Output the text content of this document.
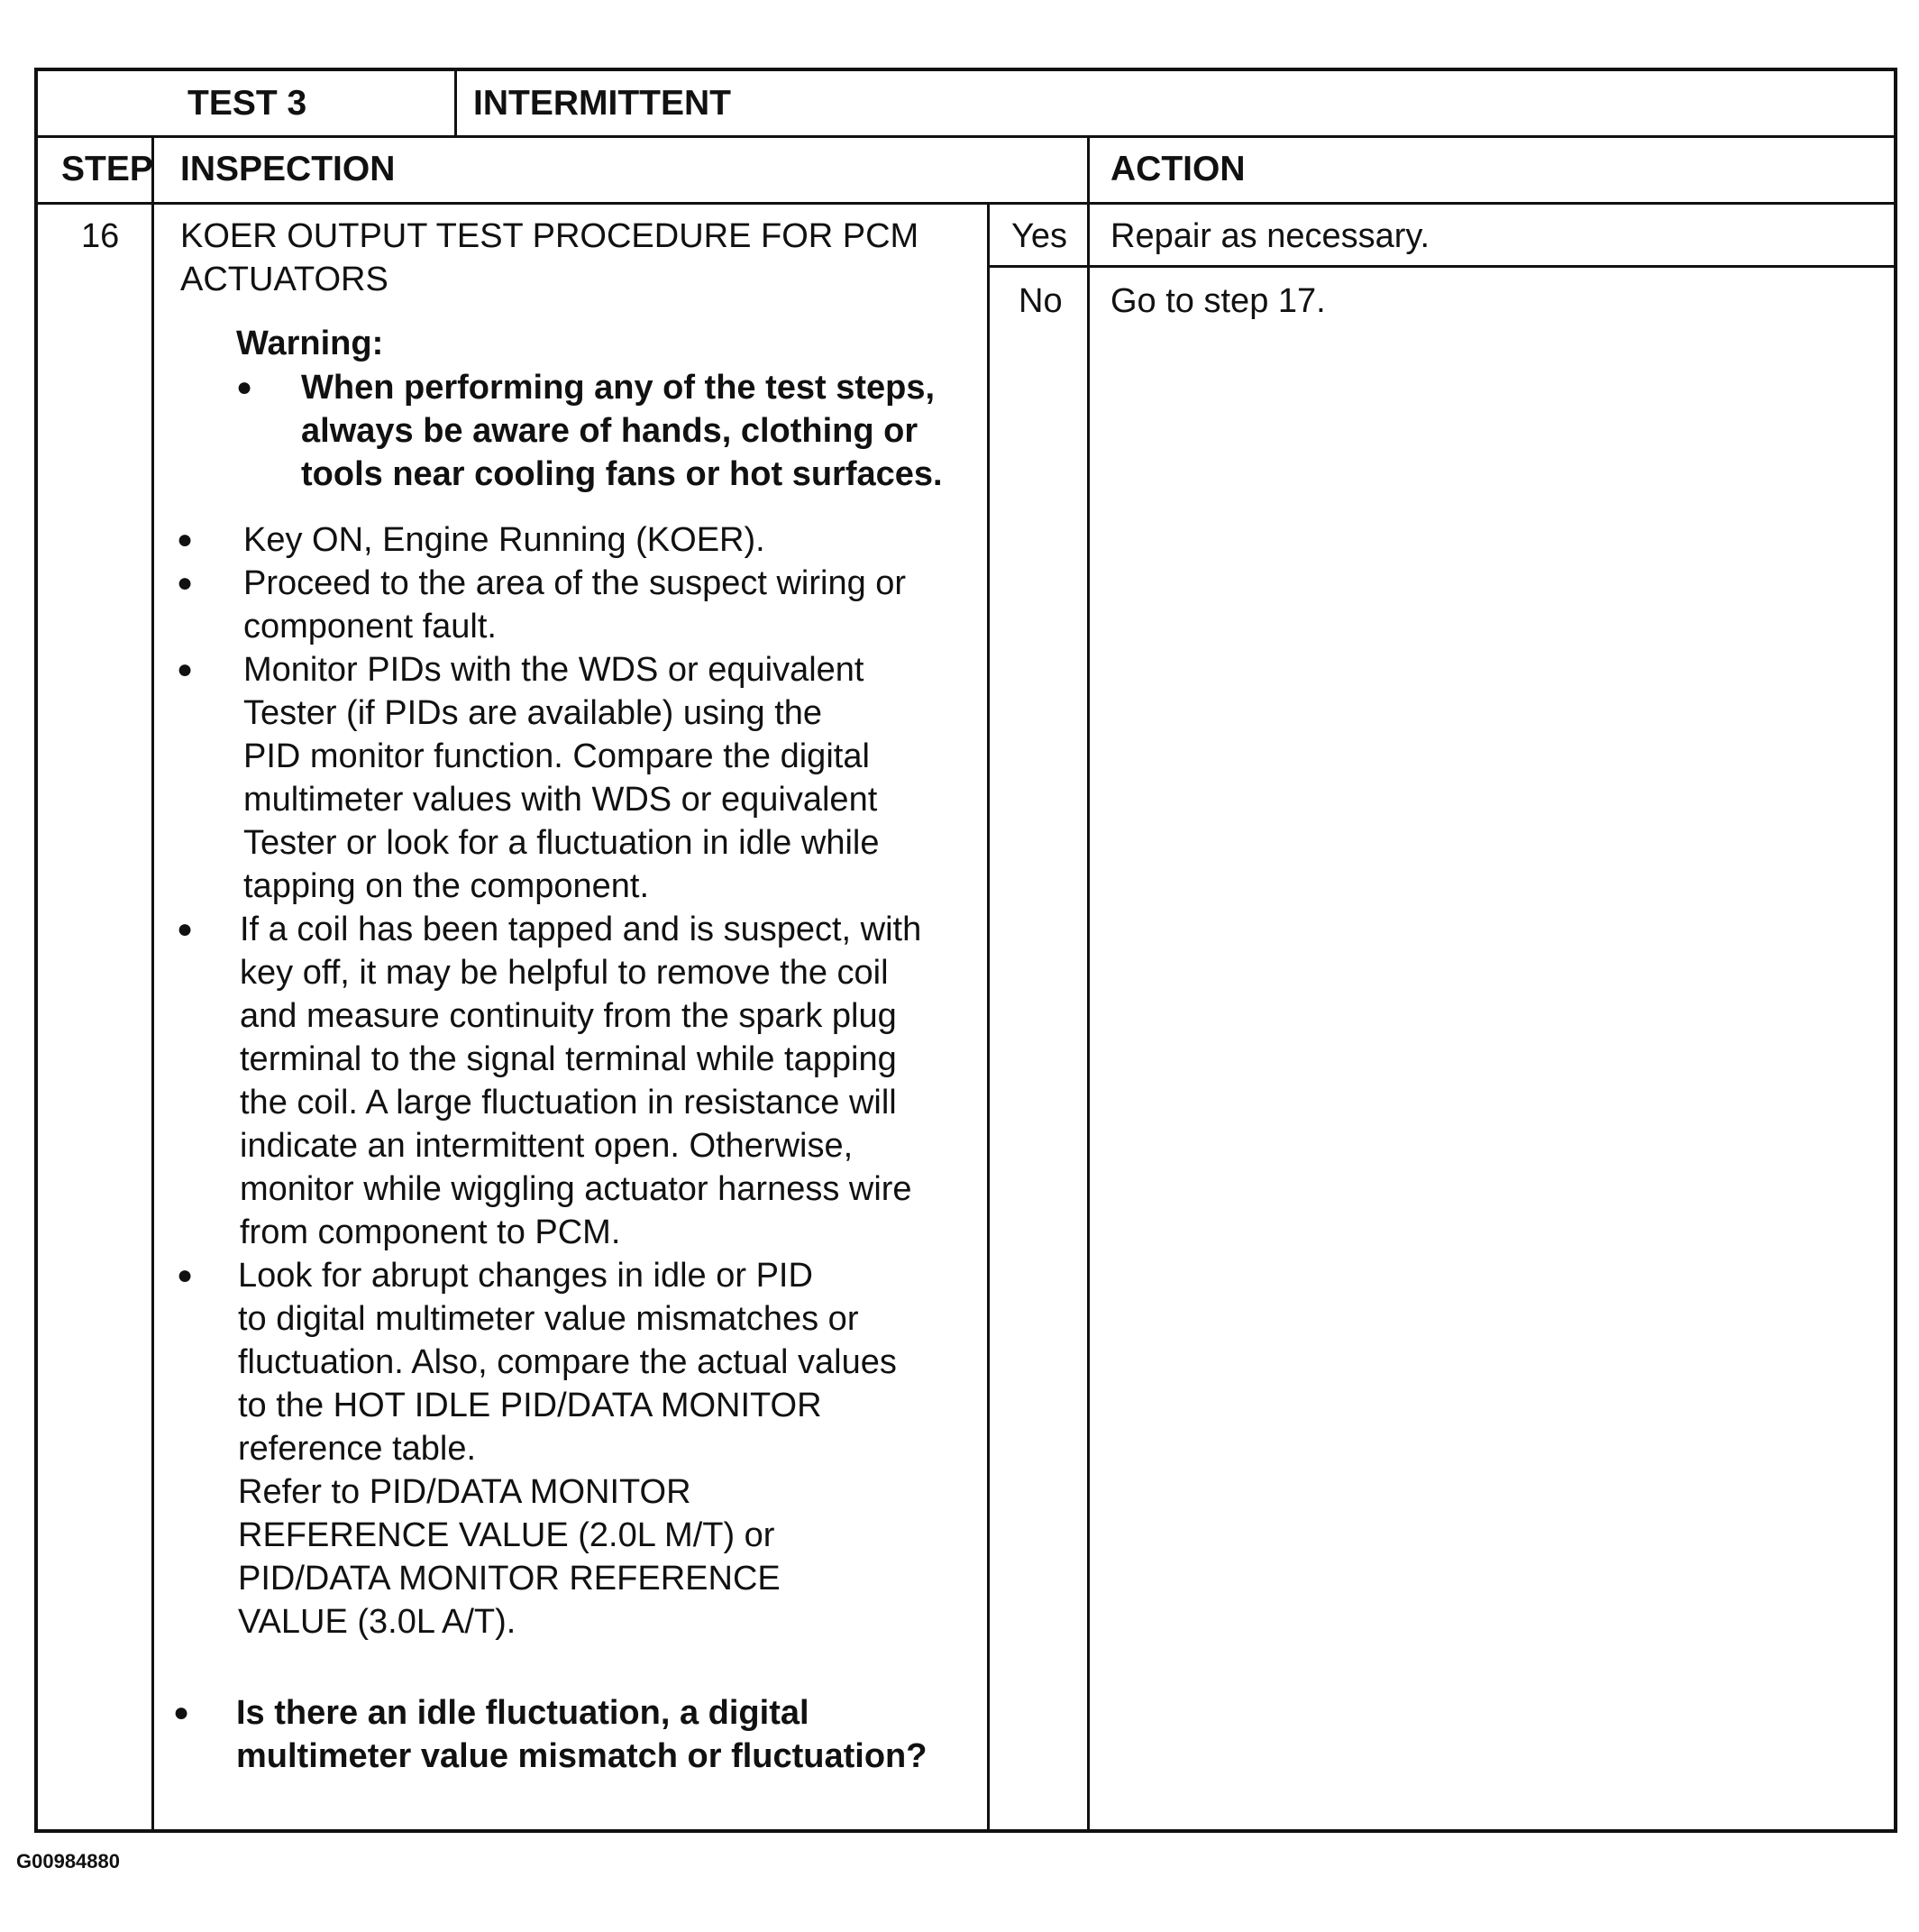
TEST 3	INTERMITTENT
STEP INSPECTION	ACTION
16 KOER OUTPUT TEST PROCEDURE FOR PCM
ACTUATORS
Warning:
● When performing any of the test steps,
always be aware of hands, clothing or
tools near cooling fans or hot surfaces.
● Key ON, Engine Running (KOER).
● Proceed to the area of the suspect wiring or
component fault.
● Monitor PIDs with the WDS or equivalent
Tester (if PIDs are available) using the
PID monitor function. Compare the digital
multimeter values with WDS or equivalent
Tester or look for a fluctuation in idle while
tapping on the component.
● If a coil has been tapped and is suspect, with
key off, it may be helpful to remove the coil
and measure continuity from the spark plug
terminal to the signal terminal while tapping
the coil. A large fluctuation in resistance will
indicate an intermittent open. Otherwise,
monitor while wiggling actuator harness wire
from component to PCM.
● Look for abrupt changes in idle or PID
to digital multimeter value mismatches or
fluctuation. Also, compare the actual values
to the HOT IDLE PID/DATA MONITOR
reference table.
Refer to PID/DATA MONITOR
REFERENCE VALUE (2.0L M/T) or
PID/DATA MONITOR REFERENCE
VALUE (3.0L A/T).
● Is there an idle fluctuation, a digital
multimeter value mismatch or fluctuation?
Yes Repair as necessary.
No Go to step 17.
G00984880
